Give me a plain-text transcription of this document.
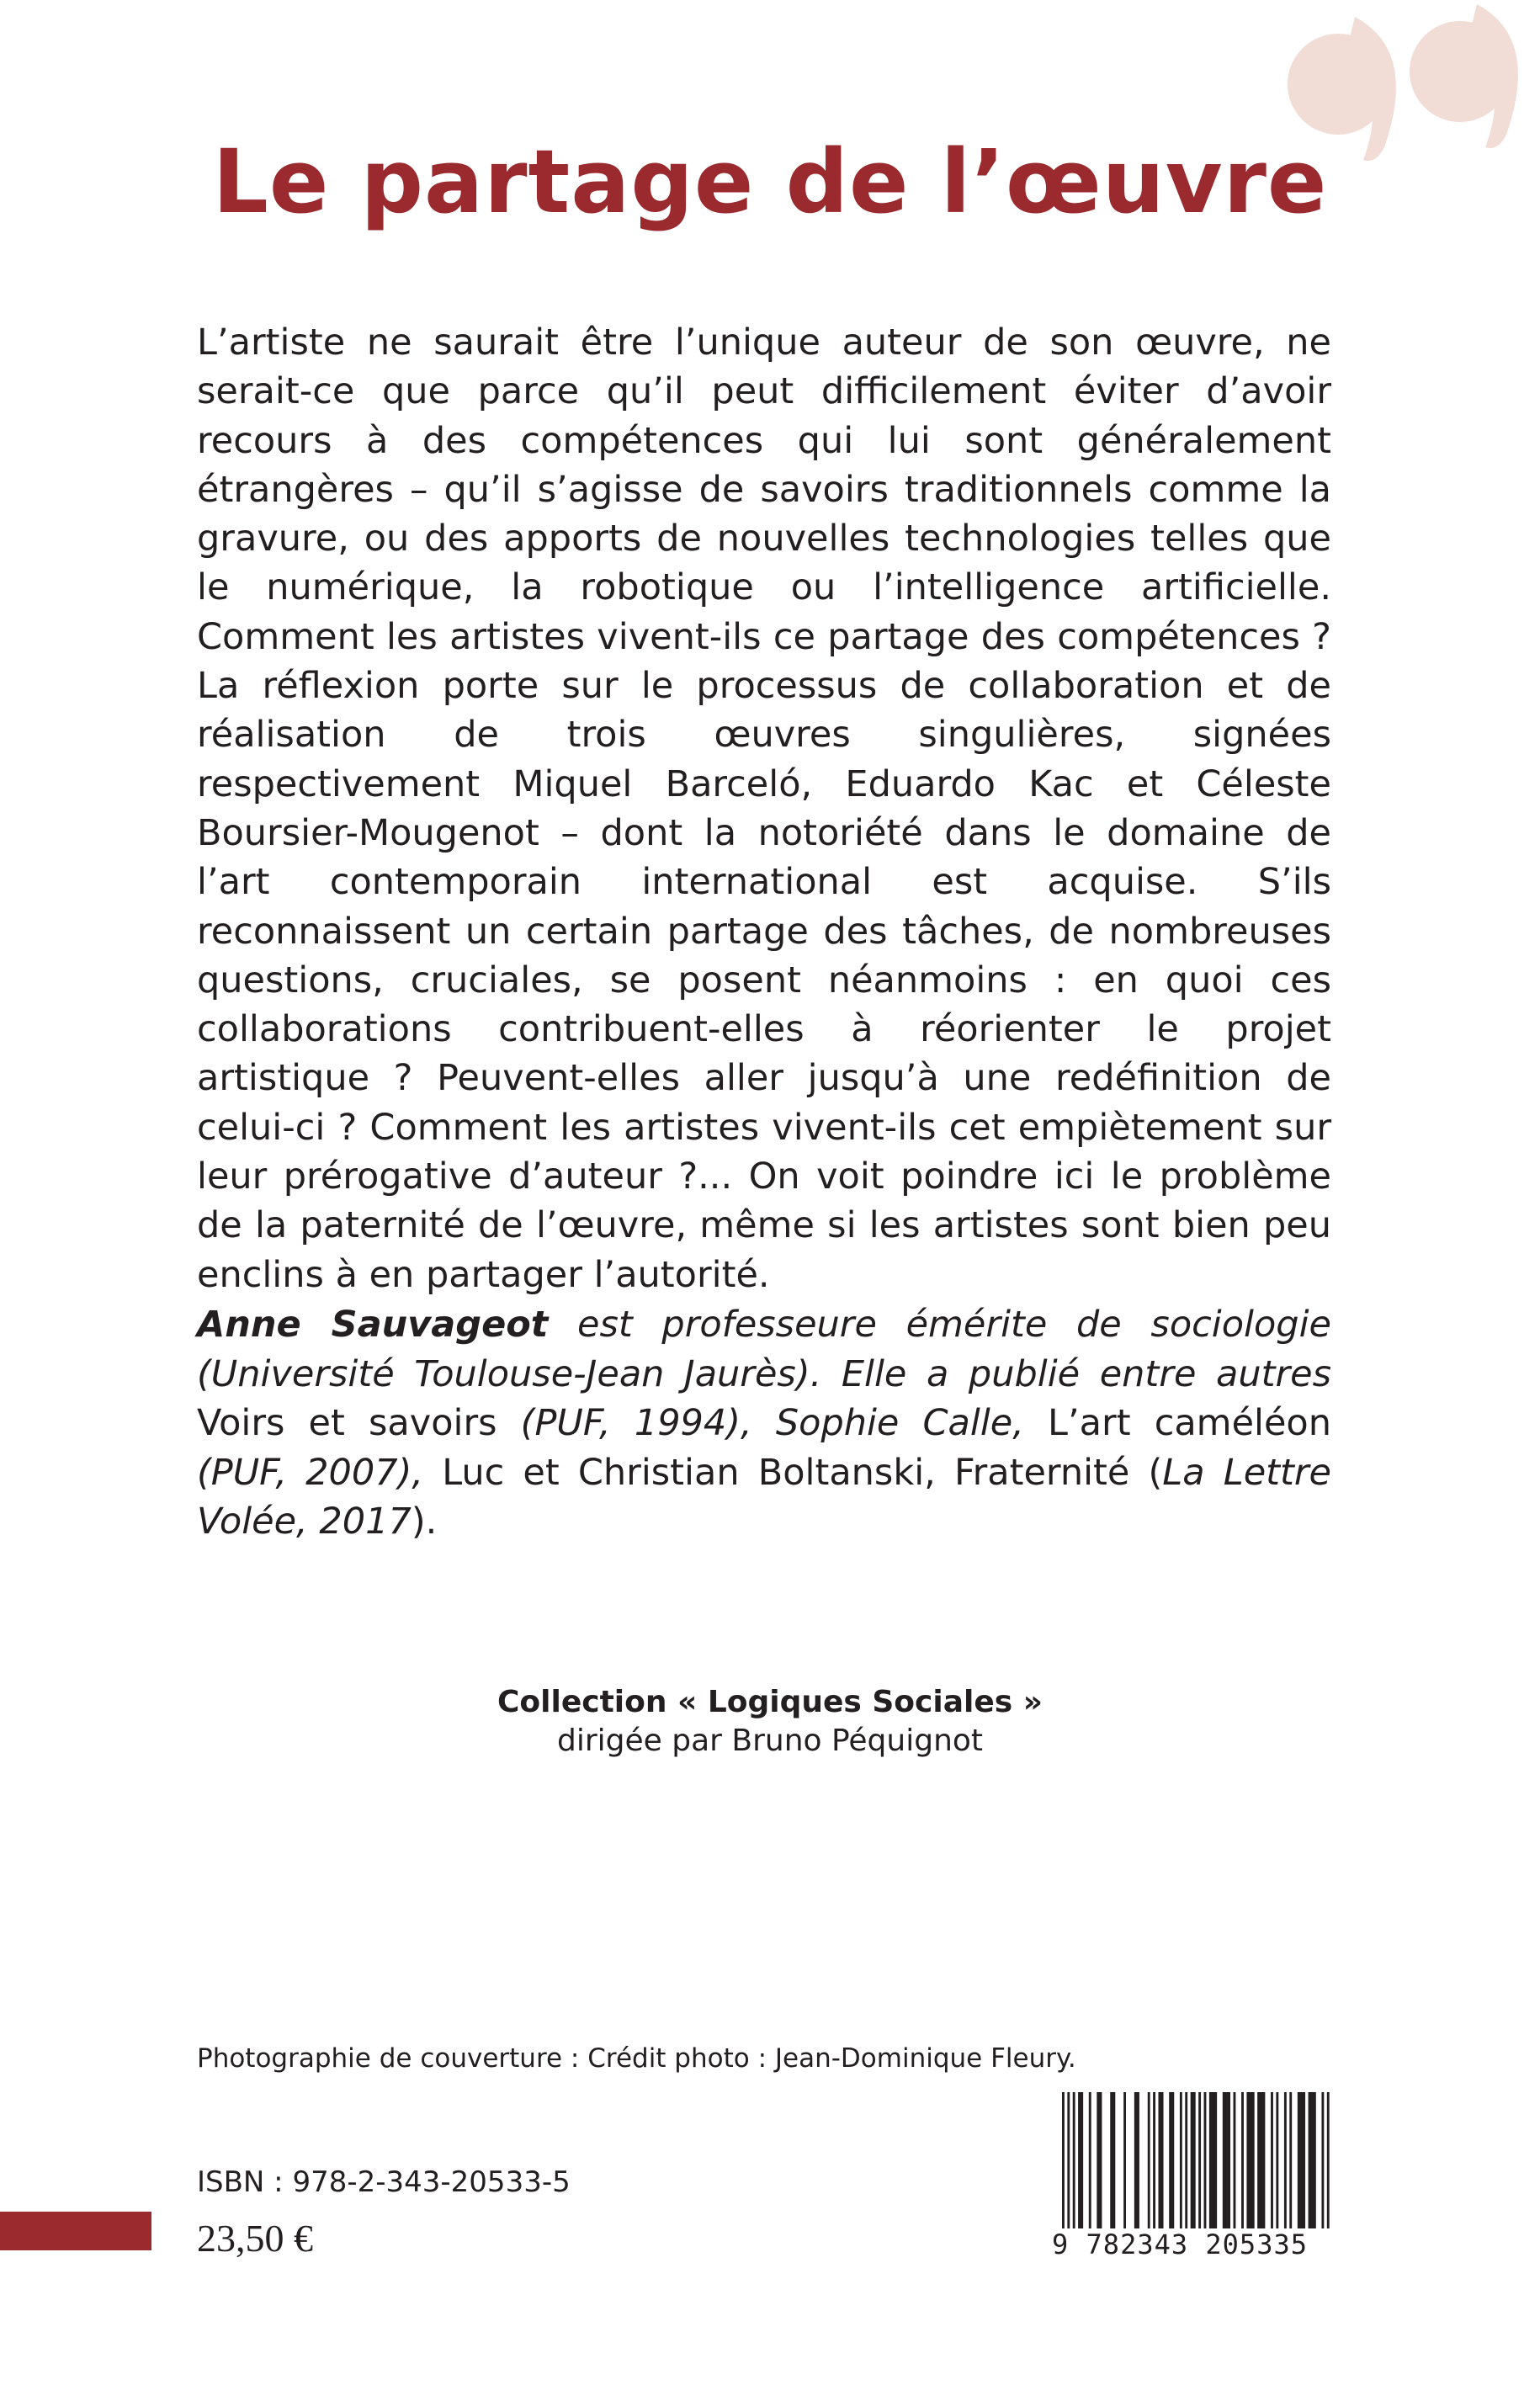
Le partage de l’œuvre

L’artiste ne saurait être l’unique auteur de son œuvre, ne serait-ce que parce qu’il peut difficilement éviter d’avoir recours à des compétences qui lui sont généralement étrangères – qu’il s’agisse de savoirs traditionnels comme la gravure, ou des apports de nouvelles technologies telles que le numérique, la robotique ou l’intelligence artificielle. Comment les artistes vivent-ils ce partage des compétences ? La réflexion porte sur le processus de collaboration et de réalisation de trois œuvres singulières, signées respectivement Miquel Barceló, Eduardo Kac et Céleste Boursier-Mougenot – dont la notoriété dans le domaine de l’art contemporain international est acquise. S’ils reconnaissent un certain partage des tâches, de nombreuses questions, cruciales, se posent néanmoins : en quoi ces collaborations contribuent-elles à réorienter le projet artistique ? Peuvent-elles aller jusqu’à une redéfinition de celui-ci ? Comment les artistes vivent-ils cet empiètement sur leur prérogative d’auteur ?... On voit poindre ici le problème de la paternité de l’œuvre, même si les artistes sont bien peu enclins à en partager l’autorité.

Anne Sauvageot est professeure émérite de sociologie (Université Toulouse-Jean Jaurès). Elle a publié entre autres Voirs et savoirs (PUF, 1994), Sophie Calle, L’art caméléon (PUF, 2007), Luc et Christian Boltanski, Fraternité (La Lettre Volée, 2017).

Collection « Logiques Sociales »
dirigée par Bruno Péquignot
Photographie de couverture : Crédit photo : Jean-Dominique Fleury.
ISBN : 978-2-343-20533-5
23,50 €	9 782343 205335
